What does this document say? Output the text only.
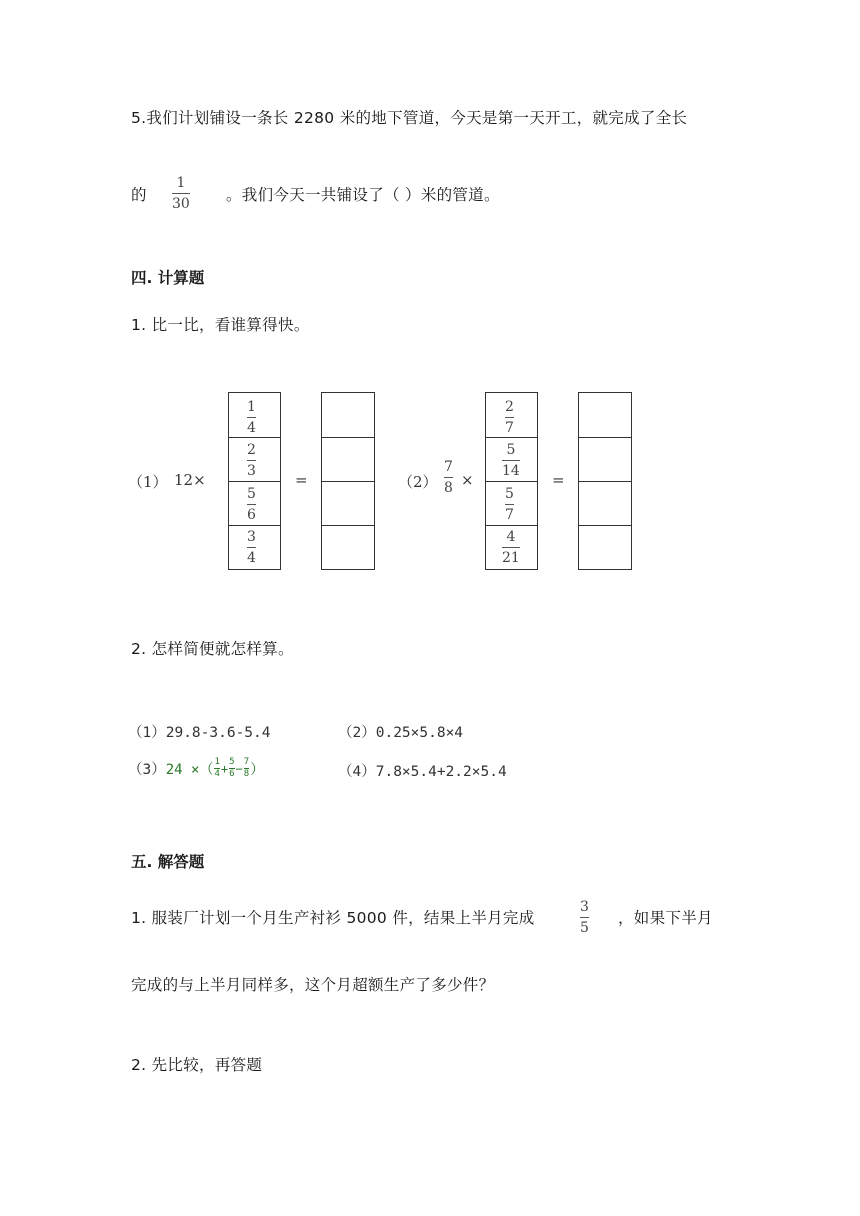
5.我们计划铺设一条长 2280 米的地下管道，今天是第一天开工，就完成了全长
的
1
30 。我们今天一共铺设了（ ）米的管道。
四. 计算题
1. 比一比，看谁算得快。
（1） 12×
1
4
2
3
5
6
3
4
=	（2）
7
8 ×
2
7
5
14
5
7
4
21
=
2. 怎样简便就怎样算。
（1）29.8-3.6-5.4	（2）0.25×5.8×4
（3） 24 ×（ 1
4 + 5
6 − 7
8 ）	（4）7.8×5.4+2.2×5.4
五. 解答题
1. 服装厂计划一个月生产衬衫 5000 件，结果上半月完成
3
5
，如果下半月
完成的与上半月同样多，这个月超额生产了多少件？
2. 先比较，再答题
